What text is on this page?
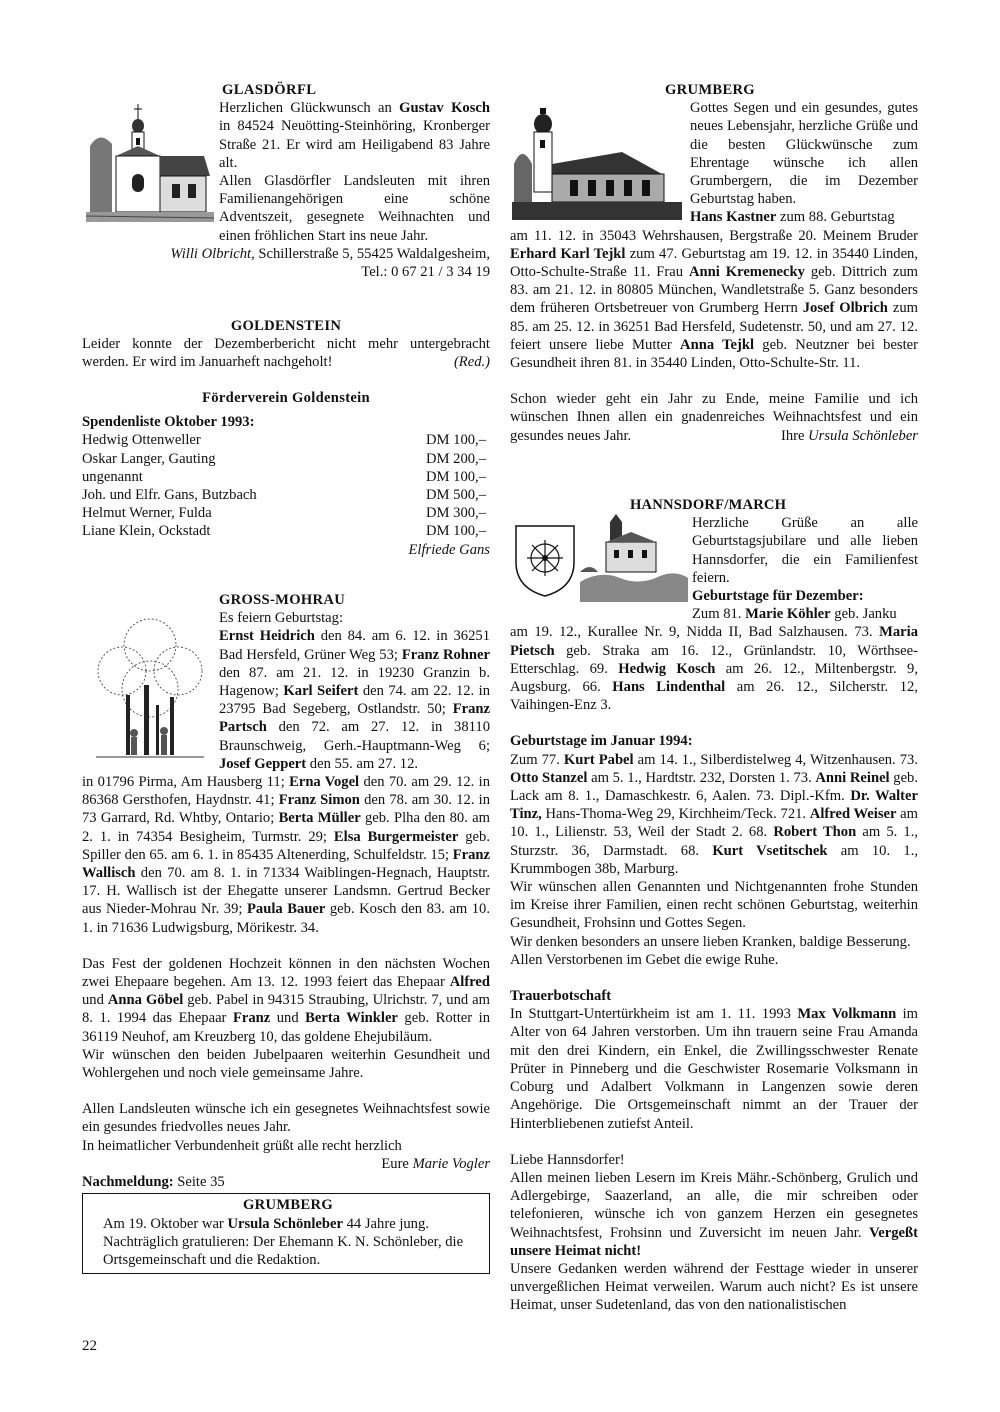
GLASDÖRFL

Herzlichen Glückwunsch an Gustav Kosch in 84524 Neuötting-Steinhöring, Kronberger Straße 21. Er wird am Heiligabend 83 Jahre alt.

Allen Glasdörfler Landsleuten mit ihren Familienangehörigen eine schöne Adventszeit, gesegnete Weihnachten und einen fröhlichen Start ins neue Jahr.

Willi Olbricht, Schillerstraße 5, 55425 Waldalgesheim,
Tel.: 0 67 21 / 3 34 19
GOLDENSTEIN

Leider konnte der Dezemberbericht nicht mehr untergebracht werden. Er wird im Januarheft nachgeholt!	(Red.)

Förderverein Goldenstein
Spendenliste Oktober 1993:
Hedwig Ottenweller	DM 100,–
Oskar Langer, Gauting	DM 200,–
ungenannt	DM 100,–
Joh. und Elfr. Gans, Butzbach	DM 500,–
Helmut Werner, Fulda	DM 300,–
Liane Klein, Ockstadt	DM 100,–
Elfriede Gans
GROSS-MOHRAU
Es feiern Geburtstag:

Ernst Heidrich den 84. am 6. 12. in 36251 Bad Hersfeld, Grüner Weg 53; Franz Rohner den 87. am 21. 12. in 19230 Granzin b. Hagenow; Karl Seifert den 74. am 22. 12. in 23795 Bad Segeberg, Ostlandstr. 50; Franz Partsch den 72. am 27. 12. in 38110 Braunschweig, Gerh.-Hauptmann-Weg 6; Josef Geppert den 55. am 27. 12.
in 01796 Pirma, Am Hausberg 11; Erna Vogel den 70. am 29. 12. in 86368 Gersthofen, Haydnstr. 41; Franz Simon den 78. am 30. 12. in 73 Garrard, Rd. Whtby, Ontario; Berta Müller geb. Plha den 80. am 2. 1. in 74354 Besigheim, Turmstr. 29; Elsa Burgermeister geb. Spiller den 65. am 6. 1. in 85435 Altenerding, Schulfeldstr. 15; Franz Wallisch den 70. am 8. 1. in 71334 Waiblingen-Hegnach, Hauptstr. 17. H. Wallisch ist der Ehegatte unserer Landsmn. Gertrud Becker aus Nieder-Mohrau Nr. 39; Paula Bauer geb. Kosch den 83. am 10. 1. in 71636 Ludwigsburg, Mörikestr. 34.

Das Fest der goldenen Hochzeit können in den nächsten Wochen zwei Ehepaare begehen. Am 13. 12. 1993 feiert das Ehepaar Alfred und Anna Göbel geb. Pabel in 94315 Straubing, Ulrichstr. 7, und am 8. 1. 1994 das Ehepaar Franz und Berta Winkler geb. Rotter in 36119 Neuhof, am Kreuzberg 10, das goldene Ehejubiläum.

Wir wünschen den beiden Jubelpaaren weiterhin Gesundheit und Wohlergehen und noch viele gemeinsame Jahre.

Allen Landsleuten wünsche ich ein gesegnetes Weihnachtsfest sowie ein gesundes friedvolles neues Jahr.

In heimatlicher Verbundenheit grüßt alle recht herzlich
Eure Marie Vogler
Nachmeldung: Seite 35
GRUMBERG

Am 19. Oktober war Ursula Schönleber 44 Jahre jung. Nachträglich gratulieren: Der Ehemann K. N. Schönleber, die Ortsgemeinschaft und die Redaktion.

22
GRUMBERG

Gottes Segen und ein gesundes, gutes neues Lebensjahr, herzliche Grüße und die besten Glückwünsche zum Ehrentage wünsche ich allen Grumbergern, die im Dezember Geburtstag haben.
Hans Kastner zum 88. Geburtstag
am 11. 12. in 35043 Wehrshausen, Bergstraße 20. Meinem Bruder Erhard Karl Tejkl zum 47. Geburtstag am 19. 12. in 35440 Linden, Otto-Schulte-Straße 11. Frau Anni Kremenecky geb. Dittrich zum 83. am 21. 12. in 80805 München, Wandletstraße 5. Ganz besonders dem früheren Ortsbetreuer von Grumberg Herrn Josef Olbrich zum 85. am 25. 12. in 36251 Bad Hersfeld, Sudetenstr. 50, und am 27. 12. feiert unsere liebe Mutter Anna Tejkl geb. Neutzner bei bester Gesundheit ihren 81. in 35440 Linden, Otto-Schulte-Str. 11.

Schon wieder geht ein Jahr zu Ende, meine Familie und ich wünschen Ihnen allen ein gnadenreiches Weihnachtsfest und ein gesundes neues Jahr.	Ihre Ursula Schönleber
HANNSDORF/MARCH

Herzliche Grüße an alle Geburtstagsjubilare und alle lieben Hannsdorfer, die ein Familienfest feiern.

Geburtstage für Dezember:

Zum 81. Marie Köhler geb. Janku
am 19. 12., Kurallee Nr. 9, Nidda II, Bad Salzhausen. 73. Maria Pietsch geb. Straka am 16. 12., Grünlandstr. 10, Wörthsee-Etterschlag. 69. Hedwig Kosch am 26. 12., Miltenbergstr. 9, Augsburg. 66. Hans Lindenthal am 26. 12., Silcherstr. 12, Vaihingen-Enz 3.

Geburtstage im Januar 1994:

Zum 77. Kurt Pabel am 14. 1., Silberdistelweg 4, Witzenhausen. 73. Otto Stanzel am 5. 1., Hardtstr. 232, Dorsten 1. 73. Anni Reinel geb. Lack am 8. 1., Damaschkestr. 6, Aalen. 73. Dipl.-Kfm. Dr. Walter Tinz, Hans-Thoma-Weg 29, Kirchheim/Teck. 721. Alfred Weiser am 10. 1., Lilienstr. 53, Weil der Stadt 2. 68. Robert Thon am 5. 1., Sturzstr. 36, Darmstadt. 68. Kurt Vsetitschek am 10. 1., Krummbogen 38b, Marburg.

Wir wünschen allen Genannten und Nichtgenannten frohe Stunden im Kreise ihrer Familien, einen recht schönen Geburtstag, weiterhin Gesundheit, Frohsinn und Gottes Segen.

Wir denken besonders an unsere lieben Kranken, baldige Besserung.

Allen Verstorbenen im Gebet die ewige Ruhe.

Trauerbotschaft

In Stuttgart-Untertürkheim ist am 1. 11. 1993 Max Volkmann im Alter von 64 Jahren verstorben. Um ihn trauern seine Frau Amanda mit den drei Kindern, ein Enkel, die Zwillingsschwester Renate Prüter in Pinneberg und die Geschwister Rosemarie Volksmann in Coburg und Adalbert Volkmann in Langenzen sowie deren Angehörige. Die Ortsgemeinschaft nimmt an der Trauer der Hinterbliebenen zutiefst Anteil.

Liebe Hannsdorfer!

Allen meinen lieben Lesern im Kreis Mähr.-Schönberg, Grulich und Adlergebirge, Saazerland, an alle, die mir schreiben oder telefonieren, wünsche ich von ganzem Herzen ein gesegnetes Weihnachtsfest, Frohsinn und Zuversicht im neuen Jahr. Vergeßt unsere Heimat nicht!

Unsere Gedanken werden während der Festtage wieder in unserer unvergeßlichen Heimat verweilen. Warum auch nicht? Es ist unsere Heimat, unser Sudetenland, das von den nationalistischen
